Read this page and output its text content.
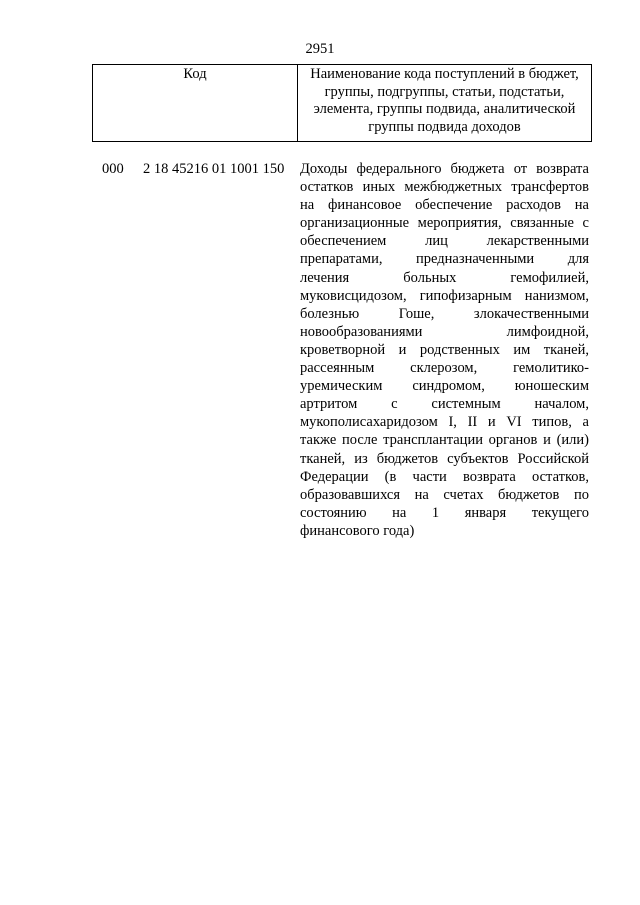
2951
Код	Наименование кода поступлений в бюджет, группы, подгруппы, статьи, подстатьи, элемента, группы подвида, аналитической группы подвида доходов
000 2 18 45216 01 1001 150 Доходы федерального бюджета от возврата
остатков иных межбюджетных трансфертов
на финансовое обеспечение расходов на
организационные мероприятия, связанные с
обеспечением лиц лекарственными
препаратами, предназначенными для
лечения больных гемофилией,
муковисцидозом, гипофизарным нанизмом,
болезнью Гоше, злокачественными
новообразованиями лимфоидной,
кроветворной и родственных им тканей,
рассеянным склерозом, гемолитико-
уремическим синдромом, юношеским
артритом с системным началом,
мукополисахаридозом I, II и VI типов, а
также после трансплантации органов и (или)
тканей, из бюджетов субъектов Российской
Федерации (в части возврата остатков,
образовавшихся на счетах бюджетов по
состоянию на 1 января текущего
финансового года)
